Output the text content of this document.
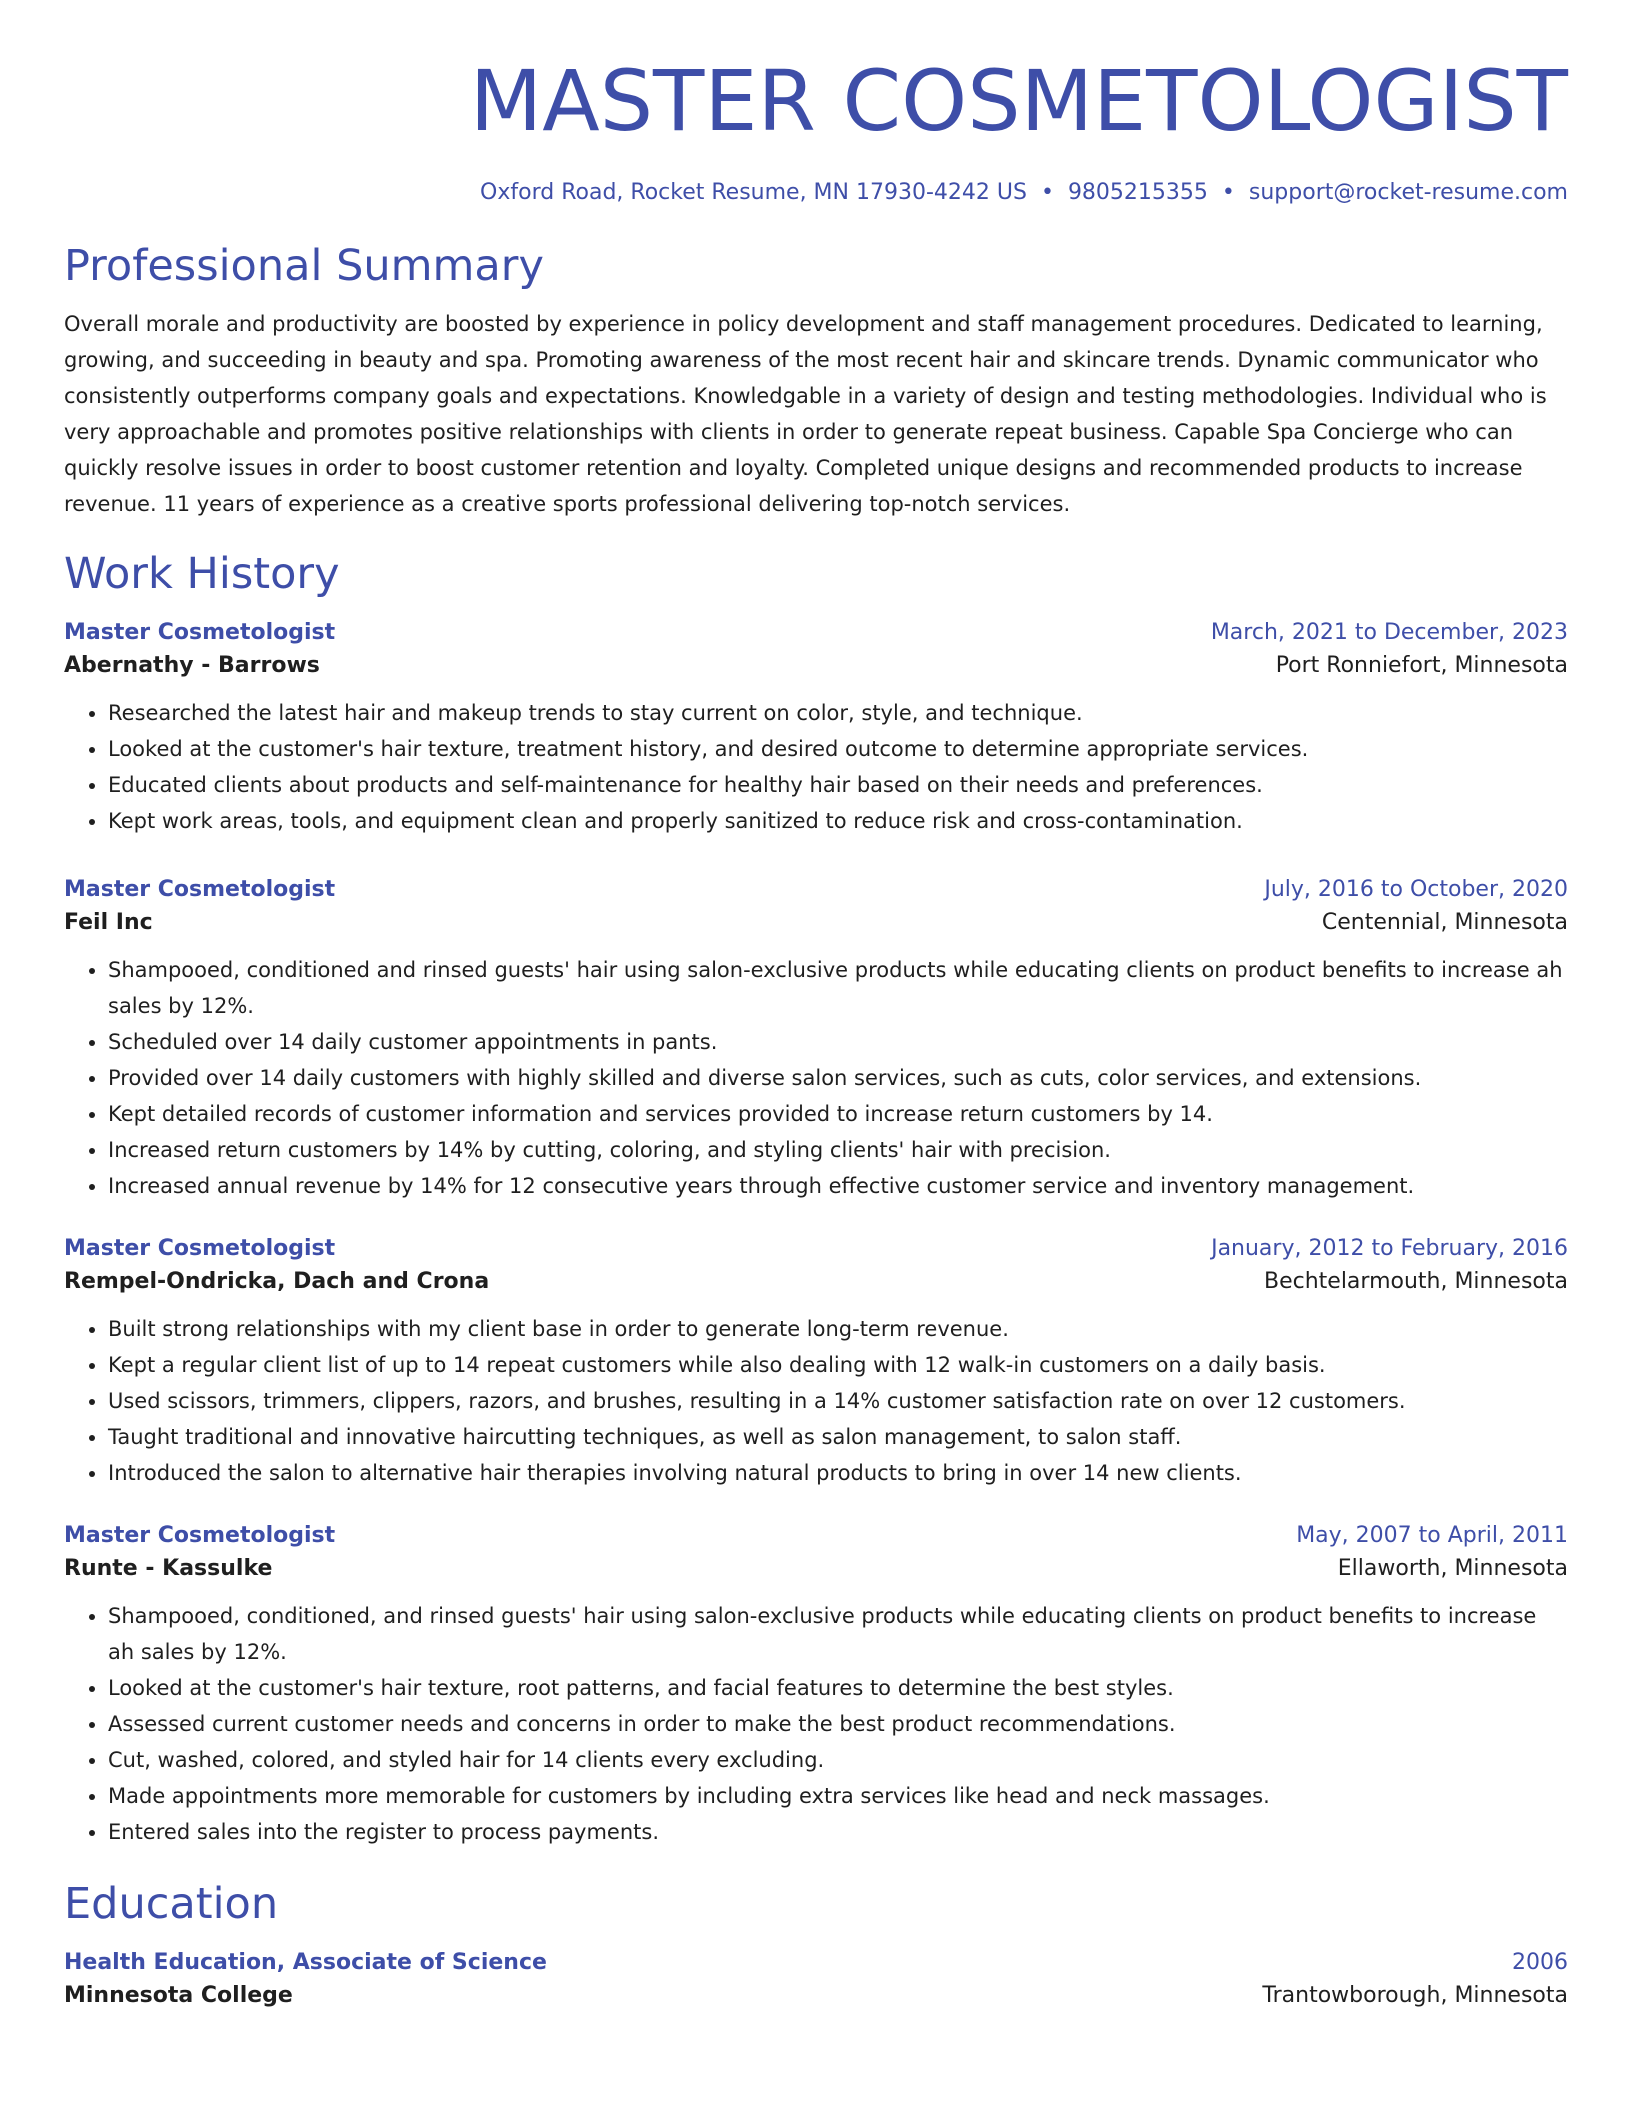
MASTER COSMETOLOGIST
Oxford Road, Rocket Resume, MN 17930-4242 US • 9805215355 • support@rocket-resume.com
Professional Summary
Overall morale and productivity are boosted by experience in policy development and staff management procedures. Dedicated to learning, growing, and succeeding in beauty and spa. Promoting awareness of the most recent hair and skincare trends. Dynamic communicator who consistently outperforms company goals and expectations. Knowledgable in a variety of design and testing methodologies. Individual who is very approachable and promotes positive relationships with clients in order to generate repeat business. Capable Spa Concierge who can quickly resolve issues in order to boost customer retention and loyalty. Completed unique designs and recommended products to increase revenue. 11 years of experience as a creative sports professional delivering top-notch services.
Work History
Master Cosmetologist	March, 2021 to December, 2023
Abernathy - Barrows	Port Ronniefort, Minnesota
• Researched the latest hair and makeup trends to stay current on color, style, and technique.
• Looked at the customer's hair texture, treatment history, and desired outcome to determine appropriate services.
• Educated clients about products and self-maintenance for healthy hair based on their needs and preferences.
• Kept work areas, tools, and equipment clean and properly sanitized to reduce risk and cross-contamination.
Master Cosmetologist	July, 2016 to October, 2020
Feil Inc	Centennial, Minnesota
• Shampooed, conditioned and rinsed guests' hair using salon-exclusive products while educating clients on product benefits to increase ah sales by 12%.
• Scheduled over 14 daily customer appointments in pants.
• Provided over 14 daily customers with highly skilled and diverse salon services, such as cuts, color services, and extensions.
• Kept detailed records of customer information and services provided to increase return customers by 14.
• Increased return customers by 14% by cutting, coloring, and styling clients' hair with precision.
• Increased annual revenue by 14% for 12 consecutive years through effective customer service and inventory management.
Master Cosmetologist	January, 2012 to February, 2016
Rempel-Ondricka, Dach and Crona	Bechtelarmouth, Minnesota
• Built strong relationships with my client base in order to generate long-term revenue.
• Kept a regular client list of up to 14 repeat customers while also dealing with 12 walk-in customers on a daily basis.
• Used scissors, trimmers, clippers, razors, and brushes, resulting in a 14% customer satisfaction rate on over 12 customers.
• Taught traditional and innovative haircutting techniques, as well as salon management, to salon staff.
• Introduced the salon to alternative hair therapies involving natural products to bring in over 14 new clients.
Master Cosmetologist	May, 2007 to April, 2011
Runte - Kassulke	Ellaworth, Minnesota
• Shampooed, conditioned, and rinsed guests' hair using salon-exclusive products while educating clients on product benefits to increase ah sales by 12%.
• Looked at the customer's hair texture, root patterns, and facial features to determine the best styles.
• Assessed current customer needs and concerns in order to make the best product recommendations.
• Cut, washed, colored, and styled hair for 14 clients every excluding.
• Made appointments more memorable for customers by including extra services like head and neck massages.
• Entered sales into the register to process payments.
Education
Health Education, Associate of Science	2006
Minnesota College	Trantowborough, Minnesota
